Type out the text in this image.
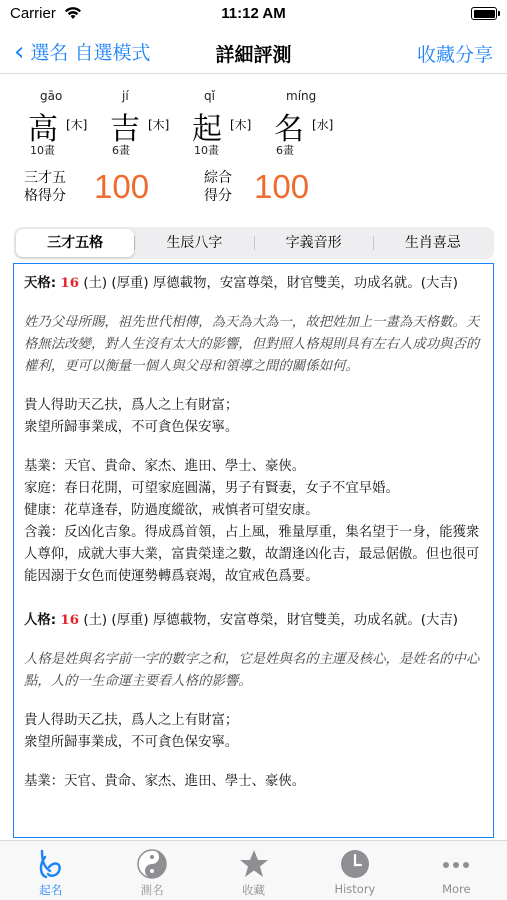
Carrier	11:12 AM
‹ 選名 自選模式	詳細評測	收藏分享
gāo
高 [木]
10畫
jí
吉 [木]
6畫
qǐ
起 [木]
10畫
míng
名 [水]
6畫
三才五
格得分 100	綜合
得分 100
三才五格	生辰八字	字義音形	生肖喜忌

天格: 16 (土) (厚重) 厚德載物，安富尊榮，財官雙美，功成名就。(大吉)

姓乃父母所賜，祖先世代相傳，為天為大為一，故把姓加上一畫為天格數。天格無法改變，對人生沒有太大的影響，但對照人格規則具有左右人成功與否的權利，更可以衡量一個人與父母和領導之間的關係如何。

貴人得助天乙扶，爲人之上有財富；
衆望所歸事業成，不可貪色保安寧。

基業：天官、貴命、家杰、進田、學士、豪俠。
家庭：春日花開，可望家庭圓滿，男子有賢妻，女子不宜早婚。
健康：花草逢春，防過度縱欲，戒慎者可望安康。
含義：反凶化吉象。得成爲首領，占上風，雅量厚重，集名望于一身，能獲衆人尊仰，成就大事大業，富貴榮達之數，故謂逢凶化吉，最忌倨傲。但也很可能因溺于女色而使運勢轉爲衰竭，故宜戒色爲要。

人格: 16 (土) (厚重) 厚德載物，安富尊榮，財官雙美，功成名就。(大吉)

人格是姓與名字前一字的數字之和，它是姓與名的主運及核心，是姓名的中心點，人的一生命運主要看人格的影響。

貴人得助天乙扶，爲人之上有財富；
衆望所歸事業成，不可貪色保安寧。

基業：天官、貴命、家杰、進田、學士、豪俠。

起名	測名	收藏	History	More
